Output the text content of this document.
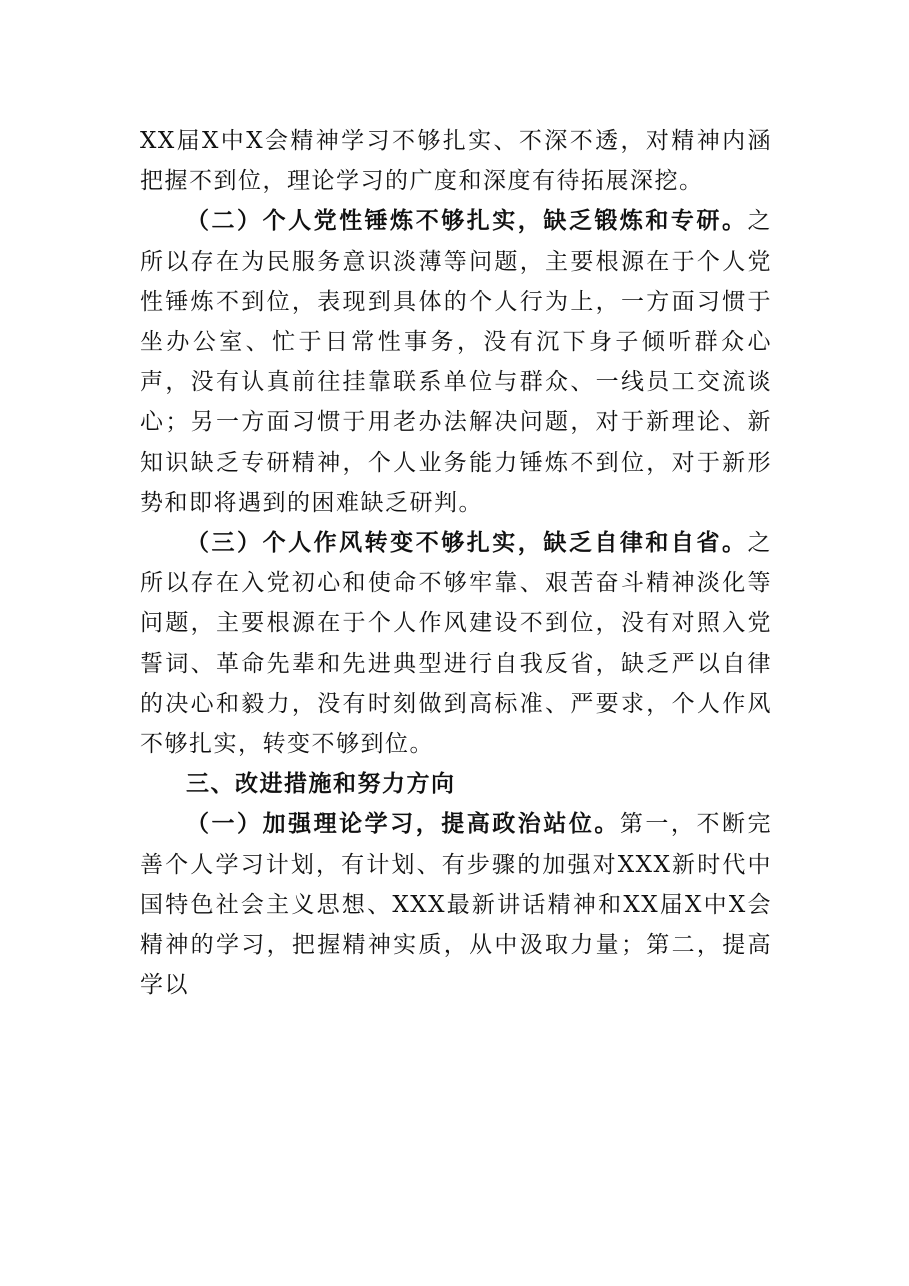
XX届X中X会精神学习不够扎实、不深不透，对精神内涵把握不到位，理论学习的广度和深度有待拓展深挖。

（二）个人党性锤炼不够扎实，缺乏锻炼和专研。之所以存在为民服务意识淡薄等问题，主要根源在于个人党性锤炼不到位，表现到具体的个人行为上，一方面习惯于坐办公室、忙于日常性事务，没有沉下身子倾听群众心声，没有认真前往挂靠联系单位与群众、一线员工交流谈心；另一方面习惯于用老办法解决问题，对于新理论、新知识缺乏专研精神，个人业务能力锤炼不到位，对于新形势和即将遇到的困难缺乏研判。

（三）个人作风转变不够扎实，缺乏自律和自省。之所以存在入党初心和使命不够牢靠、艰苦奋斗精神淡化等问题，主要根源在于个人作风建设不到位，没有对照入党誓词、革命先辈和先进典型进行自我反省，缺乏严以自律的决心和毅力，没有时刻做到高标准、严要求，个人作风不够扎实，转变不够到位。

三、改进措施和努力方向

（一）加强理论学习，提高政治站位。第一，不断完善个人学习计划，有计划、有步骤的加强对XXX新时代中国特色社会主义思想、XXX最新讲话精神和XX届X中X会精神的学习，把握精神实质，从中汲取力量；第二，提高学以
